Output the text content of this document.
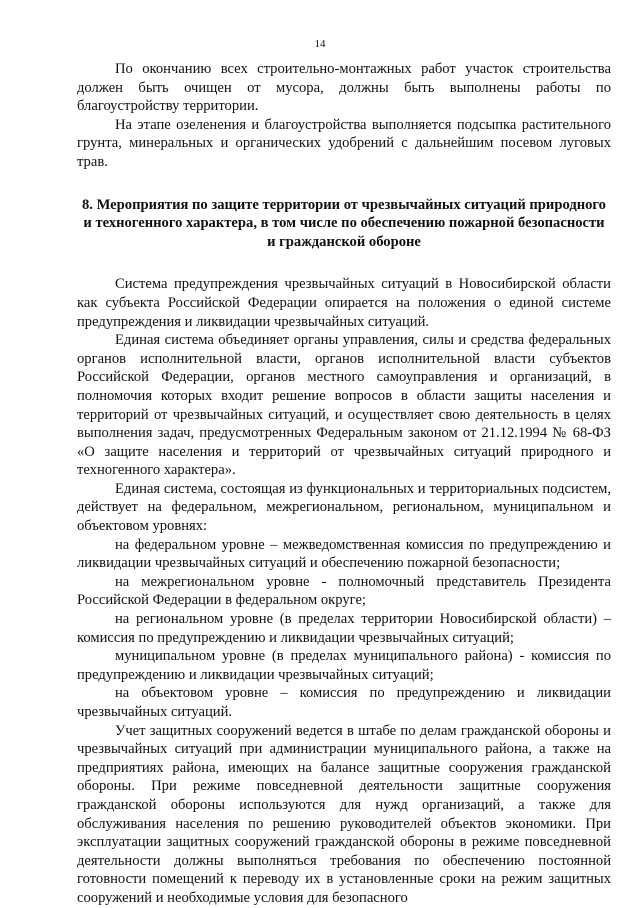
14

По окончанию всех строительно-монтажных работ участок строительства должен быть очищен от мусора, должны быть выполнены работы по благоустройству территории.

На этапе озеленения и благоустройства выполняется подсыпка растительного грунта, минеральных и органических удобрений с дальнейшим посевом луговых трав.

8. Мероприятия по защите территории от чрезвычайных ситуаций природного и техногенного характера, в том числе по обеспечению пожарной безопасности и гражданской обороне

Система предупреждения чрезвычайных ситуаций в Новосибирской области как субъекта Российской Федерации опирается на положения о единой системе предупреждения и ликвидации чрезвычайных ситуаций.

Единая система объединяет органы управления, силы и средства федеральных органов исполнительной власти, органов исполнительной власти субъектов Российской Федерации, органов местного самоуправления и организаций, в полномочия которых входит решение вопросов в области защиты населения и территорий от чрезвычайных ситуаций, и осуществляет свою деятельность в целях выполнения задач, предусмотренных Федеральным законом от 21.12.1994 № 68-ФЗ «О защите населения и территорий от чрезвычайных ситуаций природного и техногенного характера».

Единая система, состоящая из функциональных и территориальных подсистем, действует на федеральном, межрегиональном, региональном, муниципальном и объектовом уровнях:

на федеральном уровне – межведомственная комиссия по предупреждению и ликвидации чрезвычайных ситуаций и обеспечению пожарной безопасности;

на межрегиональном уровне - полномочный представитель Президента Российской Федерации в федеральном округе;

на региональном уровне (в пределах территории Новосибирской области) – комиссия по предупреждению и ликвидации чрезвычайных ситуаций;

муниципальном уровне (в пределах муниципального района) - комиссия по предупреждению и ликвидации чрезвычайных ситуаций;

на объектовом уровне – комиссия по предупреждению и ликвидации чрезвычайных ситуаций.

Учет защитных сооружений ведется в штабе по делам гражданской обороны и чрезвычайных ситуаций при администрации муниципального района, а также на предприятиях района, имеющих на балансе защитные сооружения гражданской обороны. При режиме повседневной деятельности защитные сооружения гражданской обороны используются для нужд организаций, а также для обслуживания населения по решению руководителей объектов экономики. При эксплуатации защитных сооружений гражданской обороны в режиме повседневной деятельности должны выполняться требования по обеспечению постоянной готовности помещений к переводу их в установленные сроки на режим защитных сооружений и необходимые условия для безопасного
